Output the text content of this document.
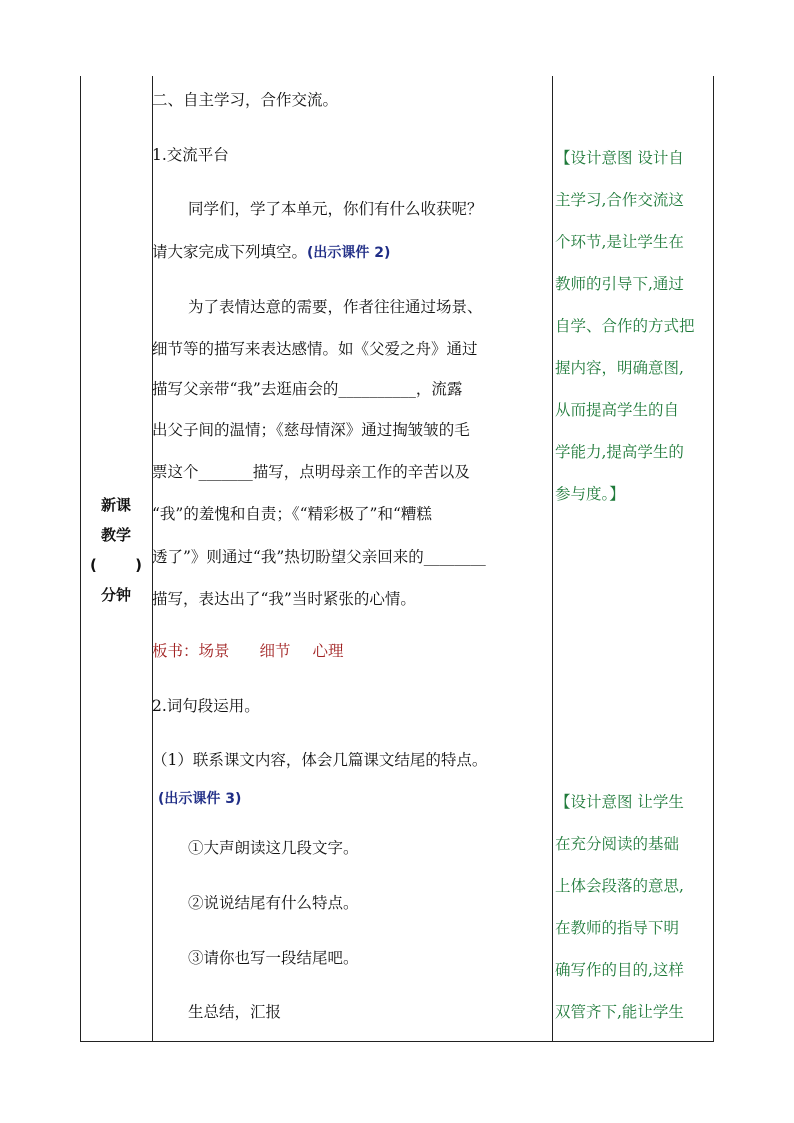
新课
教学
(	)
分钟
二、自主学习，合作交流。
1.交流平台
同学们，学了本单元，你们有什么收获呢？
请大家完成下列填空。(出示课件 2)
为了表情达意的需要，作者往往通过场景、
细节等的描写来表达感情。如《父爱之舟》通过
描写父亲带“我”去逛庙会的__________，流露
出父子间的温情；《慈母情深》通过掏皱皱的毛
票这个_______描写，点明母亲工作的辛苦以及
“我”的羞愧和自责；《“精彩极了”和“糟糕
透了”》则通过“我”热切盼望父亲回来的________
描写，表达出了“我”当时紧张的心情。
板书：场景 细节 心理
2.词句段运用。
（1）联系课文内容，体会几篇课文结尾的特点。
(出示课件 3)
①大声朗读这几段文字。
②说说结尾有什么特点。
③请你也写一段结尾吧。
生总结，汇报
【设计意图 设计自
主学习,合作交流这
个环节,是让学生在
教师的引导下,通过
自学、合作的方式把
握内容，明确意图,
从而提高学生的自
学能力,提高学生的
参与度。】
【设计意图 让学生
在充分阅读的基础
上体会段落的意思,
在教师的指导下明
确写作的目的,这样
双管齐下,能让学生
